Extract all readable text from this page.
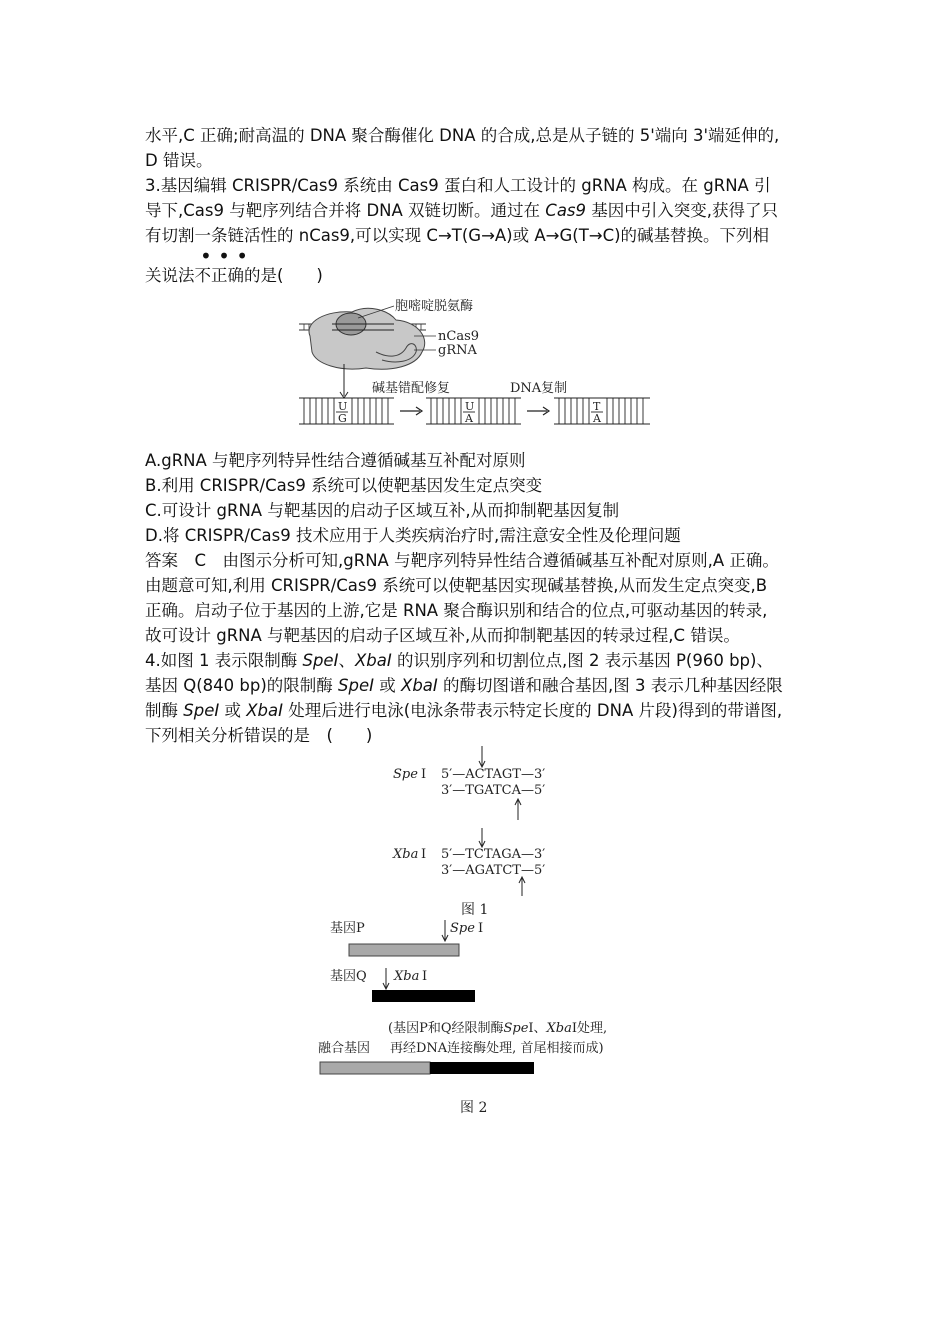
水平,C 正确;耐高温的 DNA 聚合酶催化 DNA 的合成,总是从子链的 5'端向 3'端延伸的,
D 错误。
3.基因编辑 CRISPR/Cas9 系统由 Cas9 蛋白和人工设计的 gRNA 构成。在 gRNA 引
导下,Cas9 与靶序列结合并将 DNA 双链切断。通过在 Cas9 基因中引入突变,获得了只
有切割一条链活性的 nCas9,可以实现 C→T(G→A)或 A→G(T→C)的碱基替换。下列相
• • •
关说法不正确的是(　　)
胞嘧啶脱氨酶
nCas9
gRNA
碱基错配修复	DNA复制
U
G
U
A
T
A
A.gRNA 与靶序列特异性结合遵循碱基互补配对原则
B.利用 CRISPR/Cas9 系统可以使靶基因发生定点突变
C.可设计 gRNA 与靶基因的启动子区域互补,从而抑制靶基因复制
D.将 CRISPR/Cas9 技术应用于人类疾病治疗时,需注意安全性及伦理问题
答案　C　由图示分析可知,gRNA 与靶序列特异性结合遵循碱基互补配对原则,A 正确。
由题意可知,利用 CRISPR/Cas9 系统可以使靶基因实现碱基替换,从而发生定点突变,B
正确。启动子位于基因的上游,它是 RNA 聚合酶识别和结合的位点,可驱动基因的转录,
故可设计 gRNA 与靶基因的启动子区域互补,从而抑制靶基因的转录过程,C 错误。
4.如图 1 表示限制酶 SpeI、XbaI 的识别序列和切割位点,图 2 表示基因 P(960 bp)、
基因 Q(840 bp)的限制酶 SpeI 或 XbaI 的酶切图谱和融合基因,图 3 表示几种基因经限
制酶 SpeI 或 XbaI 处理后进行电泳(电泳条带表示特定长度的 DNA 片段)得到的带谱图,
下列相关分析错误的是　(　　)
Spe Ⅰ 5′—ACTAGT—3′
3′—TGATCA—5′
Xba Ⅰ 5′—TCTAGA—3′
3′—AGATCT—5′
图 1
基因P	Spe Ⅰ
基因Q Xba Ⅰ
(基因P和Q经限制酶SpeⅠ、XbaⅠ处理,
融合基因 再经DNA连接酶处理, 首尾相接而成)
图 2
